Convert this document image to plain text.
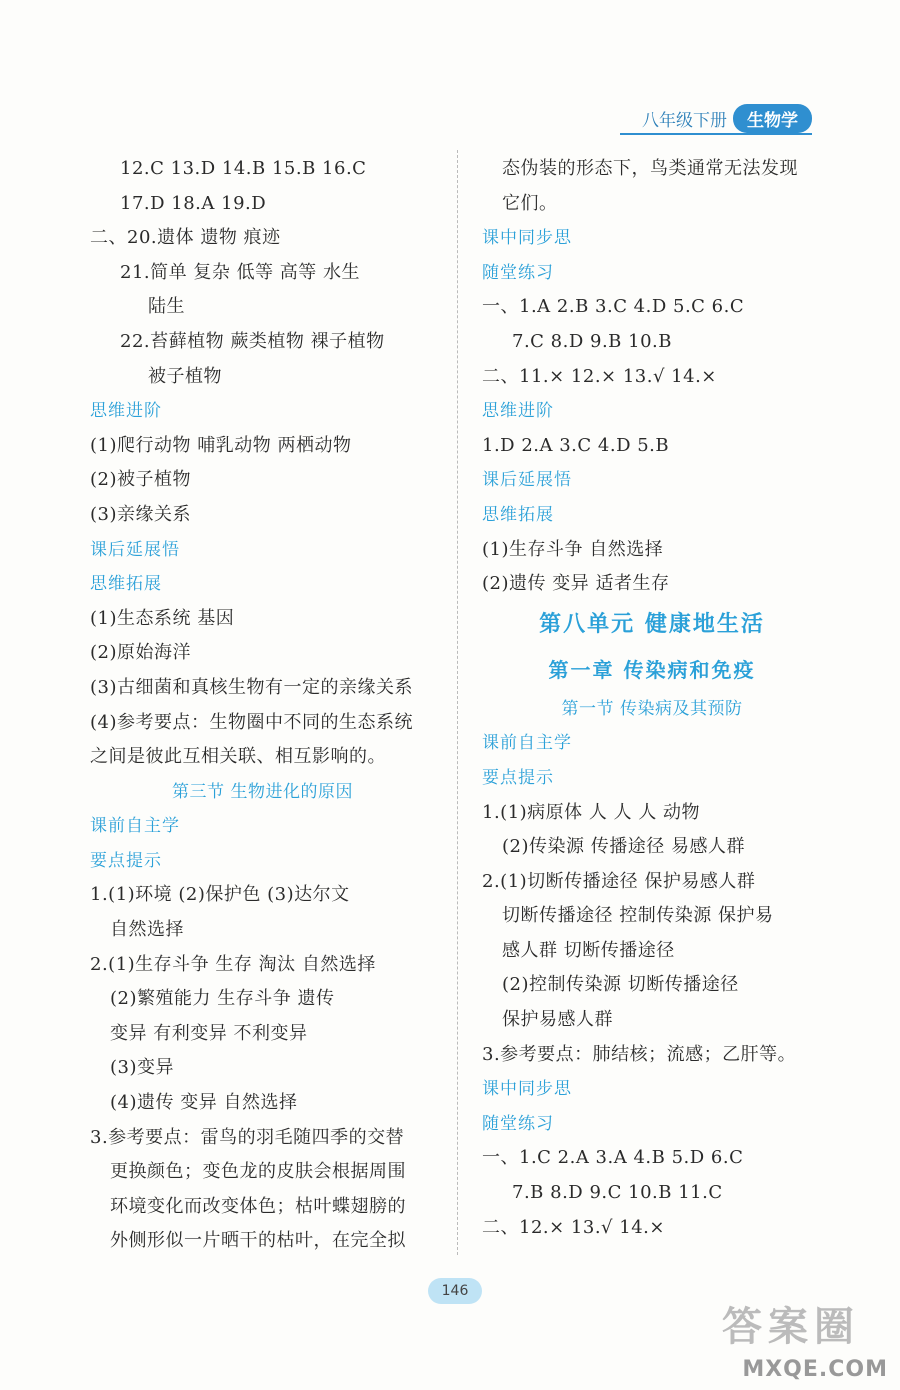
八年级下册	生物学
12.C 13.D 14.B 15.B 16.C
17.D 18.A 19.D
二、20.遗体 遗物 痕迹
21.简单 复杂 低等 高等 水生
陆生
22.苔藓植物 蕨类植物 裸子植物
被子植物
思维进阶
(1)爬行动物 哺乳动物 两栖动物
(2)被子植物
(3)亲缘关系
课后延展悟
思维拓展
(1)生态系统 基因
(2)原始海洋
(3)古细菌和真核生物有一定的亲缘关系
(4)参考要点：生物圈中不同的生态系统
之间是彼此互相关联、相互影响的。
第三节 生物进化的原因
课前自主学
要点提示
1.(1)环境 (2)保护色 (3)达尔文
自然选择
2.(1)生存斗争 生存 淘汰 自然选择
(2)繁殖能力 生存斗争 遗传
变异 有利变异 不利变异
(3)变异
(4)遗传 变异 自然选择
3.参考要点：雷鸟的羽毛随四季的交替
更换颜色；变色龙的皮肤会根据周围
环境变化而改变体色；枯叶蝶翅膀的
外侧形似一片晒干的枯叶，在完全拟
态伪装的形态下，鸟类通常无法发现
它们。
课中同步思
随堂练习
一、1.A 2.B 3.C 4.D 5.C 6.C
7.C 8.D 9.B 10.B
二、11.× 12.× 13.√ 14.×
思维进阶
1.D 2.A 3.C 4.D 5.B
课后延展悟
思维拓展
(1)生存斗争 自然选择
(2)遗传 变异 适者生存
第八单元 健康地生活
第一章 传染病和免疫
第一节 传染病及其预防
课前自主学
要点提示
1.(1)病原体 人 人 人 动物
(2)传染源 传播途径 易感人群
2.(1)切断传播途径 保护易感人群
切断传播途径 控制传染源 保护易
感人群 切断传播途径
(2)控制传染源 切断传播途径
保护易感人群
3.参考要点：肺结核；流感；乙肝等。
课中同步思
随堂练习
一、1.C 2.A 3.A 4.B 5.D 6.C
7.B 8.D 9.C 10.B 11.C
二、12.× 13.√ 14.×
146
答案圈
MXQE.COM
